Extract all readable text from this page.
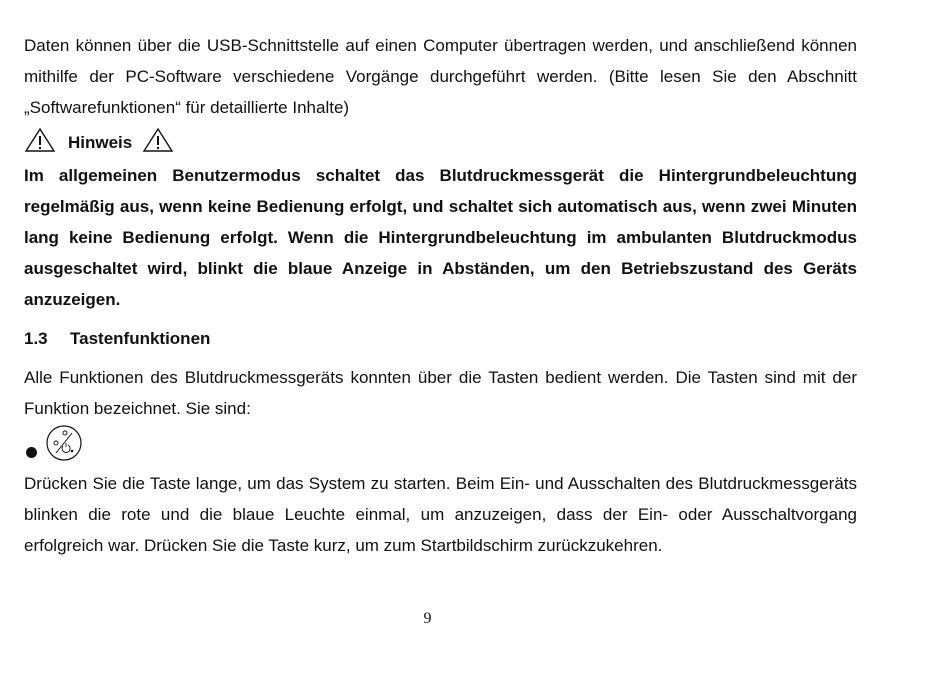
Daten können über die USB-Schnittstelle auf einen Computer übertragen werden, und anschließend können mithilfe der PC-Software verschiedene Vorgänge durchgeführt werden. (Bitte lesen Sie den Abschnitt „Softwarefunktionen“ für detaillierte Inhalte)

Hinweis

Im allgemeinen Benutzermodus schaltet das Blutdruckmessgerät die Hintergrundbeleuchtung regelmäßig aus, wenn keine Bedienung erfolgt, und schaltet sich automatisch aus, wenn zwei Minuten lang keine Bedienung erfolgt. Wenn die Hintergrundbeleuchtung im ambulanten Blutdruckmodus ausgeschaltet wird, blinkt die blaue Anzeige in Abständen, um den Betriebszustand des Geräts anzuzeigen.

1.3	Tastenfunktionen

Alle Funktionen des Blutdruckmessgeräts konnten über die Tasten bedient werden. Die Tasten sind mit der Funktion bezeichnet. Sie sind:

Drücken Sie die Taste lange, um das System zu starten. Beim Ein- und Ausschalten des Blutdruckmessgeräts blinken die rote und die blaue Leuchte einmal, um anzuzeigen, dass der Ein- oder Ausschaltvorgang erfolgreich war. Drücken Sie die Taste kurz, um zum Startbildschirm zurückzukehren.

9
